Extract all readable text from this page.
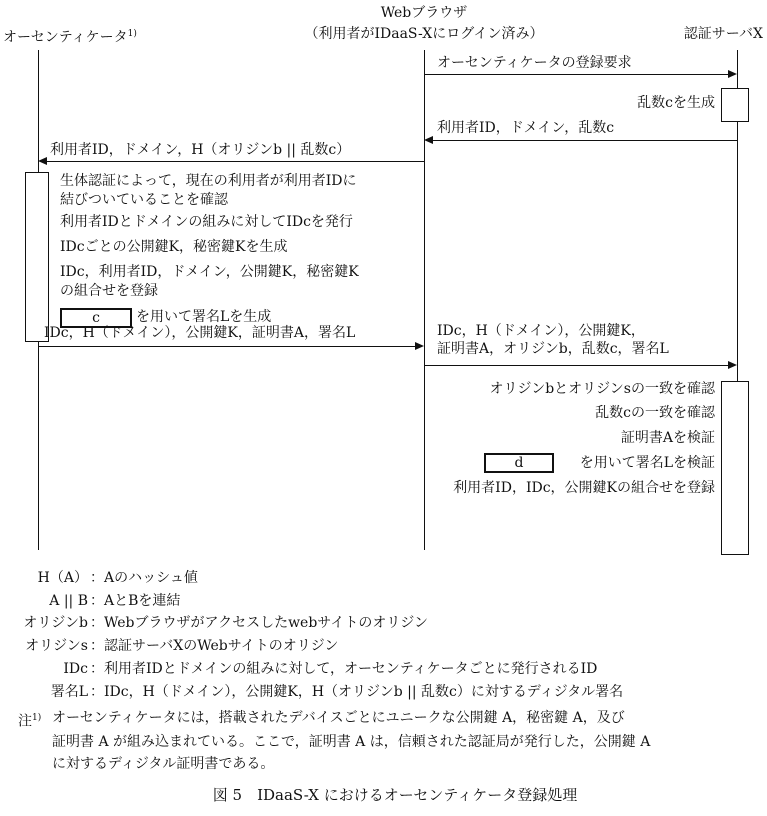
オーセンティケータ$^{1)}$
Webブラウザ
（利用者がIDaaS-Xにログイン済み）	認証サーバX
オーセンティケータの登録要求
乱数cを生成
利用者ID，ドメイン，乱数c
利用者ID，ドメイン，H（オリジンb || 乱数c）
生体認証によって，現在の利用者が利用者IDに
結びついていることを確認
利用者IDとドメインの組みに対してIDcを発行
IDcごとの公開鍵K，秘密鍵Kを生成
IDc，利用者ID，ドメイン，公開鍵K，秘密鍵K
の組合せを登録
c	を用いて署名Lを生成
IDc，H（ドメイン），公開鍵K，証明書A，署名L	IDc，H（ドメイン），公開鍵K，
証明書A，オリジンb，乱数c，署名L
オリジンbとオリジンsの一致を確認
乱数cの一致を確認
証明書Aを検証
d	を用いて署名Lを検証
利用者ID，IDc，公開鍵Kの組合せを登録
H（A） ：Aのハッシュ値
A || B ：AとBを連結
オリジンb ：Webブラウザがアクセスしたwebサイトのオリジン
オリジンs ：認証サーバXのWebサイトのオリジン
IDc ：利用者IDとドメインの組みに対して，オーセンティケータごとに発行されるID
署名L ：IDc，H（ドメイン），公開鍵K，H（オリジンb || 乱数c）に対するディジタル署名
注$^{1)}$ オーセンティケータには，搭載されたデバイスごとにユニークな公開鍵 A，秘密鍵 A，及び
証明書 A が組み込まれている。ここで，証明書 A は，信頼された認証局が発行した，公開鍵 A
に対するディジタル証明書である。
図 5　IDaaS-X におけるオーセンティケータ登録処理
